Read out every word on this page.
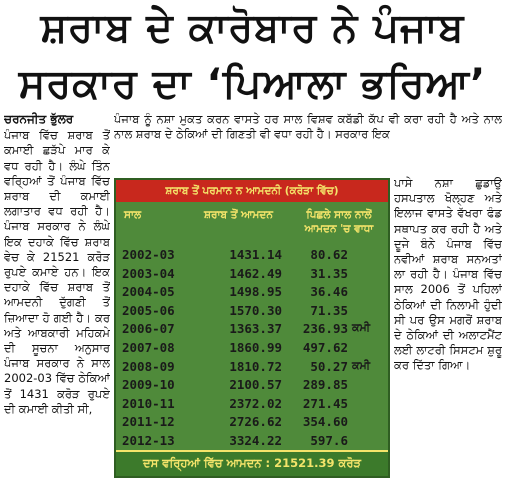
ਸ਼ਰਾਬ ਦੇ ਕਾਰੋਬਾਰ ਨੇ ਪੰਜਾਬ
ਸਰਕਾਰ ਦਾ ‘ਪਿਆਲਾ ਭਰਿਆ’
ਚਰਨਜੀਤ ਭੁੱਲਰ

ਪੰਜਾਬ ਵਿੱਚ ਸ਼ਰਾਬ ਤੋਂ ਕਮਾਈ ਛੜੱਪੇ ਮਾਰ ਕੇ ਵਧ ਰਹੀ ਹੈ। ਲੰਘੇ ਤਿੰਨ ਵਰ੍ਹਿਆਂ ਤੋਂ ਪੰਜਾਬ ਵਿੱਚ ਸ਼ਰਾਬ ਦੀ ਕਮਾਈ ਲਗਾਤਾਰ ਵਧ ਰਹੀ ਹੈ। ਪੰਜਾਬ ਸਰਕਾਰ ਨੇ ਲੰਘੇ ਇਕ ਦਹਾਕੇ ਵਿੱਚ ਸ਼ਰਾਬ ਵੇਚ ਕੇ 21521 ਕਰੋੜ ਰੁਪਏ ਕਮਾਏ ਹਨ। ਇਕ ਦਹਾਕੇ ਵਿੱਚ ਸ਼ਰਾਬ ਤੋਂ ਆਮਦਨੀ ਦੁੱਗਣੀ ਤੋਂ ਜ਼ਿਆਦਾ ਹੋ ਗਈ ਹੈ। ਕਰ ਅਤੇ ਆਬਕਾਰੀ ਮਹਿਕਮੇ ਦੀ ਸੂਚਨਾ ਅਨੁਸਾਰ ਪੰਜਾਬ ਸਰਕਾਰ ਨੇ ਸਾਲ 2002-03 ਵਿੱਚ ਠੇਕਿਆਂ ਤੋਂ 1431 ਕਰੋੜ ਰੁਪਏ ਦੀ ਕਮਾਈ ਕੀਤੀ ਸੀ,

ਪੰਜਾਬ ਨੂੰ ਨਸ਼ਾ ਮੁਕਤ ਕਰਨ ਵਾਸਤੇ ਹਰ ਸਾਲ ਵਿਸ਼ਵ ਕਬੱਡੀ ਕੱਪ ਵੀ ਕਰਾ ਰਹੀ ਹੈ ਅਤੇ ਨਾਲ ਨਾਲ ਸ਼ਰਾਬ ਦੇ ਠੇਕਿਆਂ ਦੀ ਗਿਣਤੀ ਵੀ ਵਧਾ ਰਹੀ ਹੈ। ਸਰਕਾਰ ਇਕ

ਪਾਸੇ ਨਸ਼ਾ ਛੁਡਾਉ ਹਸਪਤਾਲ ਖੋਲ੍ਹਣ ਅਤੇ ਇਲਾਜ ਵਾਸਤੇ ਵੱਖਰਾ ਫੰਡ ਸਥਾਪਤ ਕਰ ਰਹੀ ਹੈ ਅਤੇ ਦੂਜੇ ਬੰਨੇ ਪੰਜਾਬ ਵਿੱਚ ਨਵੀਆਂ ਸ਼ਰਾਬ ਸਨਅਤਾਂ ਲਾ ਰਹੀ ਹੈ। ਪੰਜਾਬ ਵਿੱਚ ਸਾਲ 2006 ਤੋਂ ਪਹਿਲਾਂ ਠੇਕਿਆਂ ਦੀ ਨਿਲਾਮੀ ਹੁੰਦੀ ਸੀ ਪਰ ਉਸ ਮਗਰੋਂ ਸ਼ਰਾਬ ਦੇ ਠੇਕਿਆਂ ਦੀ ਅਲਾਟਮੈਂਟ ਲਈ ਲਾਟਰੀ ਸਿਸਟਮ ਸ਼ੁਰੂ ਕਰ ਦਿੱਤਾ ਗਿਆ।

ਸ਼ਰਾਬ ਤੋਂ ਪਰਮਾਨ ਨ ਆਮਦਨੀ (ਕਰੋੜਾ ਵਿੱਚ)
ਸਾਲ	ਸ਼ਰਾਬ ਤੋਂ ਆਮਦਨ	ਪਿਛਲੇ ਸਾਲ ਨਾਲੋਂ ਆਮਦਨ 'ਚ ਵਾਧਾ
2002-03	1431.14	80.62
2003-04	1462.49	31.35
2004-05	1498.95	36.46
2005-06	1570.30	71.35
2006-07	1363.37	236.93 ਕਮੀ
2007-08	1860.99	497.62
2008-09	1810.72	50.27 ਕਮੀ
2009-10	2100.57	289.85
2010-11	2372.02	271.45
2011-12	2726.62	354.60
2012-13	3324.22	597.6
ਦਸ ਵਰ੍ਹਿਆਂ ਵਿੱਚ ਆਮਦਨ : 21521.39 ਕਰੋੜ
